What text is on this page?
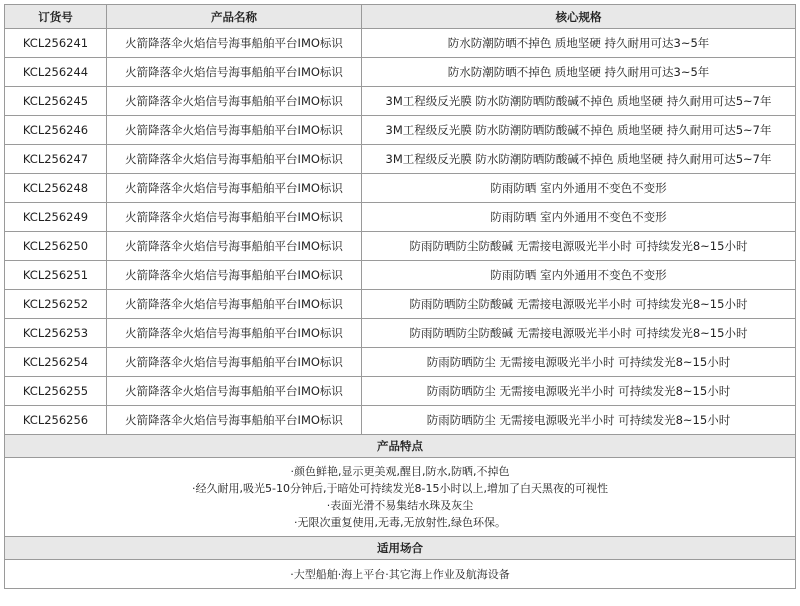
订货号	产品名称	核心规格
KCL256241	火箭降落伞火焰信号海事船舶平台IMO标识	防水防潮防晒不掉色 质地坚硬 持久耐用可达3~5年
KCL256244	火箭降落伞火焰信号海事船舶平台IMO标识	防水防潮防晒不掉色 质地坚硬 持久耐用可达3~5年
KCL256245	火箭降落伞火焰信号海事船舶平台IMO标识	3M工程级反光膜 防水防潮防晒防酸碱不掉色 质地坚硬 持久耐用可达5~7年
KCL256246	火箭降落伞火焰信号海事船舶平台IMO标识	3M工程级反光膜 防水防潮防晒防酸碱不掉色 质地坚硬 持久耐用可达5~7年
KCL256247	火箭降落伞火焰信号海事船舶平台IMO标识	3M工程级反光膜 防水防潮防晒防酸碱不掉色 质地坚硬 持久耐用可达5~7年
KCL256248	火箭降落伞火焰信号海事船舶平台IMO标识	防雨防晒 室内外通用不变色不变形
KCL256249	火箭降落伞火焰信号海事船舶平台IMO标识	防雨防晒 室内外通用不变色不变形
KCL256250	火箭降落伞火焰信号海事船舶平台IMO标识	防雨防晒防尘防酸碱 无需接电源吸光半小时 可持续发光8~15小时
KCL256251	火箭降落伞火焰信号海事船舶平台IMO标识	防雨防晒 室内外通用不变色不变形
KCL256252	火箭降落伞火焰信号海事船舶平台IMO标识	防雨防晒防尘防酸碱 无需接电源吸光半小时 可持续发光8~15小时
KCL256253	火箭降落伞火焰信号海事船舶平台IMO标识	防雨防晒防尘防酸碱 无需接电源吸光半小时 可持续发光8~15小时
KCL256254	火箭降落伞火焰信号海事船舶平台IMO标识	防雨防晒防尘 无需接电源吸光半小时 可持续发光8~15小时
KCL256255	火箭降落伞火焰信号海事船舶平台IMO标识	防雨防晒防尘 无需接电源吸光半小时 可持续发光8~15小时
KCL256256	火箭降落伞火焰信号海事船舶平台IMO标识	防雨防晒防尘 无需接电源吸光半小时 可持续发光8~15小时
产品特点		

·颜色鲜艳,显示更美观,醒目,防水,防晒,不掉色
·经久耐用,吸光5-10分钟后,于暗处可持续发光8-15小时以上,增加了白天黑夜的可视性
·表面光滑不易集结水珠及灰尘
·无限次重复使用,无毒,无放射性,绿色环保。		

适用场合		
·大型船舶·海上平台·其它海上作业及航海设备		
